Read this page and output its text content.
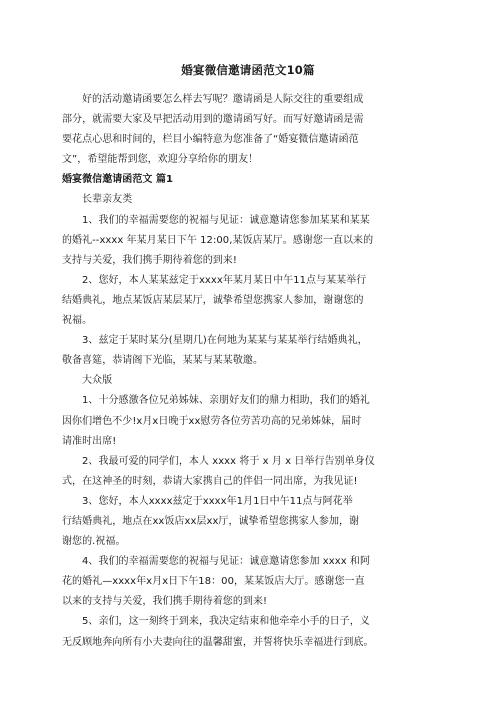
婚宴微信邀请函范文10篇
好的活动邀请函要怎么样去写呢？邀请函是人际交往的重要组成
部分，就需要大家及早把活动用到的邀请函写好。而写好邀请函是需
要花点心思和时间的，栏目小编特意为您准备了“婚宴微信邀请函范
文”，希望能帮到您，欢迎分享给你的朋友！
婚宴微信邀请函范文 篇1
长辈亲友类
1、我们的幸福需要您的祝福与见证：诚意邀请您参加某某和某某
的婚礼--xxxx 年某月某日下午 12:00,某饭店某厅。感谢您一直以来的
支持与关爱，我们携手期待着您的到来!
2、您好，本人某某兹定于xxxx年某月某日中午11点与某某举行
结婚典礼，地点某饭店某层某厅，诚挚希望您携家人参加，谢谢您的
祝福。
3、兹定于某时某分(星期几)在何地为某某与某某举行结婚典礼，
敬备喜筵，恭请阁下光临，某某与某某敬邀。
大众版
1、十分感激各位兄弟姊妹、亲朋好友们的鼎力相助，我们的婚礼
因你们增色不少!x月x日晚于xx慰劳各位劳苦功高的兄弟姊妹，届时
请准时出席!
2、我最可爱的同学们，本人 xxxx 将于 x 月 x 日举行告别单身仪
式，在这神圣的时刻，恭请大家携自己的伴侣一同出席，为我见证!
3、您好，本人xxxx兹定于xxxx年1月1日中午11点与阿花举
行结婚典礼，地点在xx饭店xx层xx厅，诚挚希望您携家人参加，谢
谢您的.祝福。
4、我们的幸福需要您的祝福与见证：诚意邀请您参加 xxxx 和阿
花的婚礼—xxxx年x月x日下午18：00，某某饭店大厅。感谢您一直
以来的支持与关爱，我们携手期待着您的到来!
5、亲们，这一刻终于到来，我决定结束和他牵牵小手的日子，义
无反顾地奔向所有小夫妻向往的温馨甜蜜，并誓将快乐幸福进行到底。
